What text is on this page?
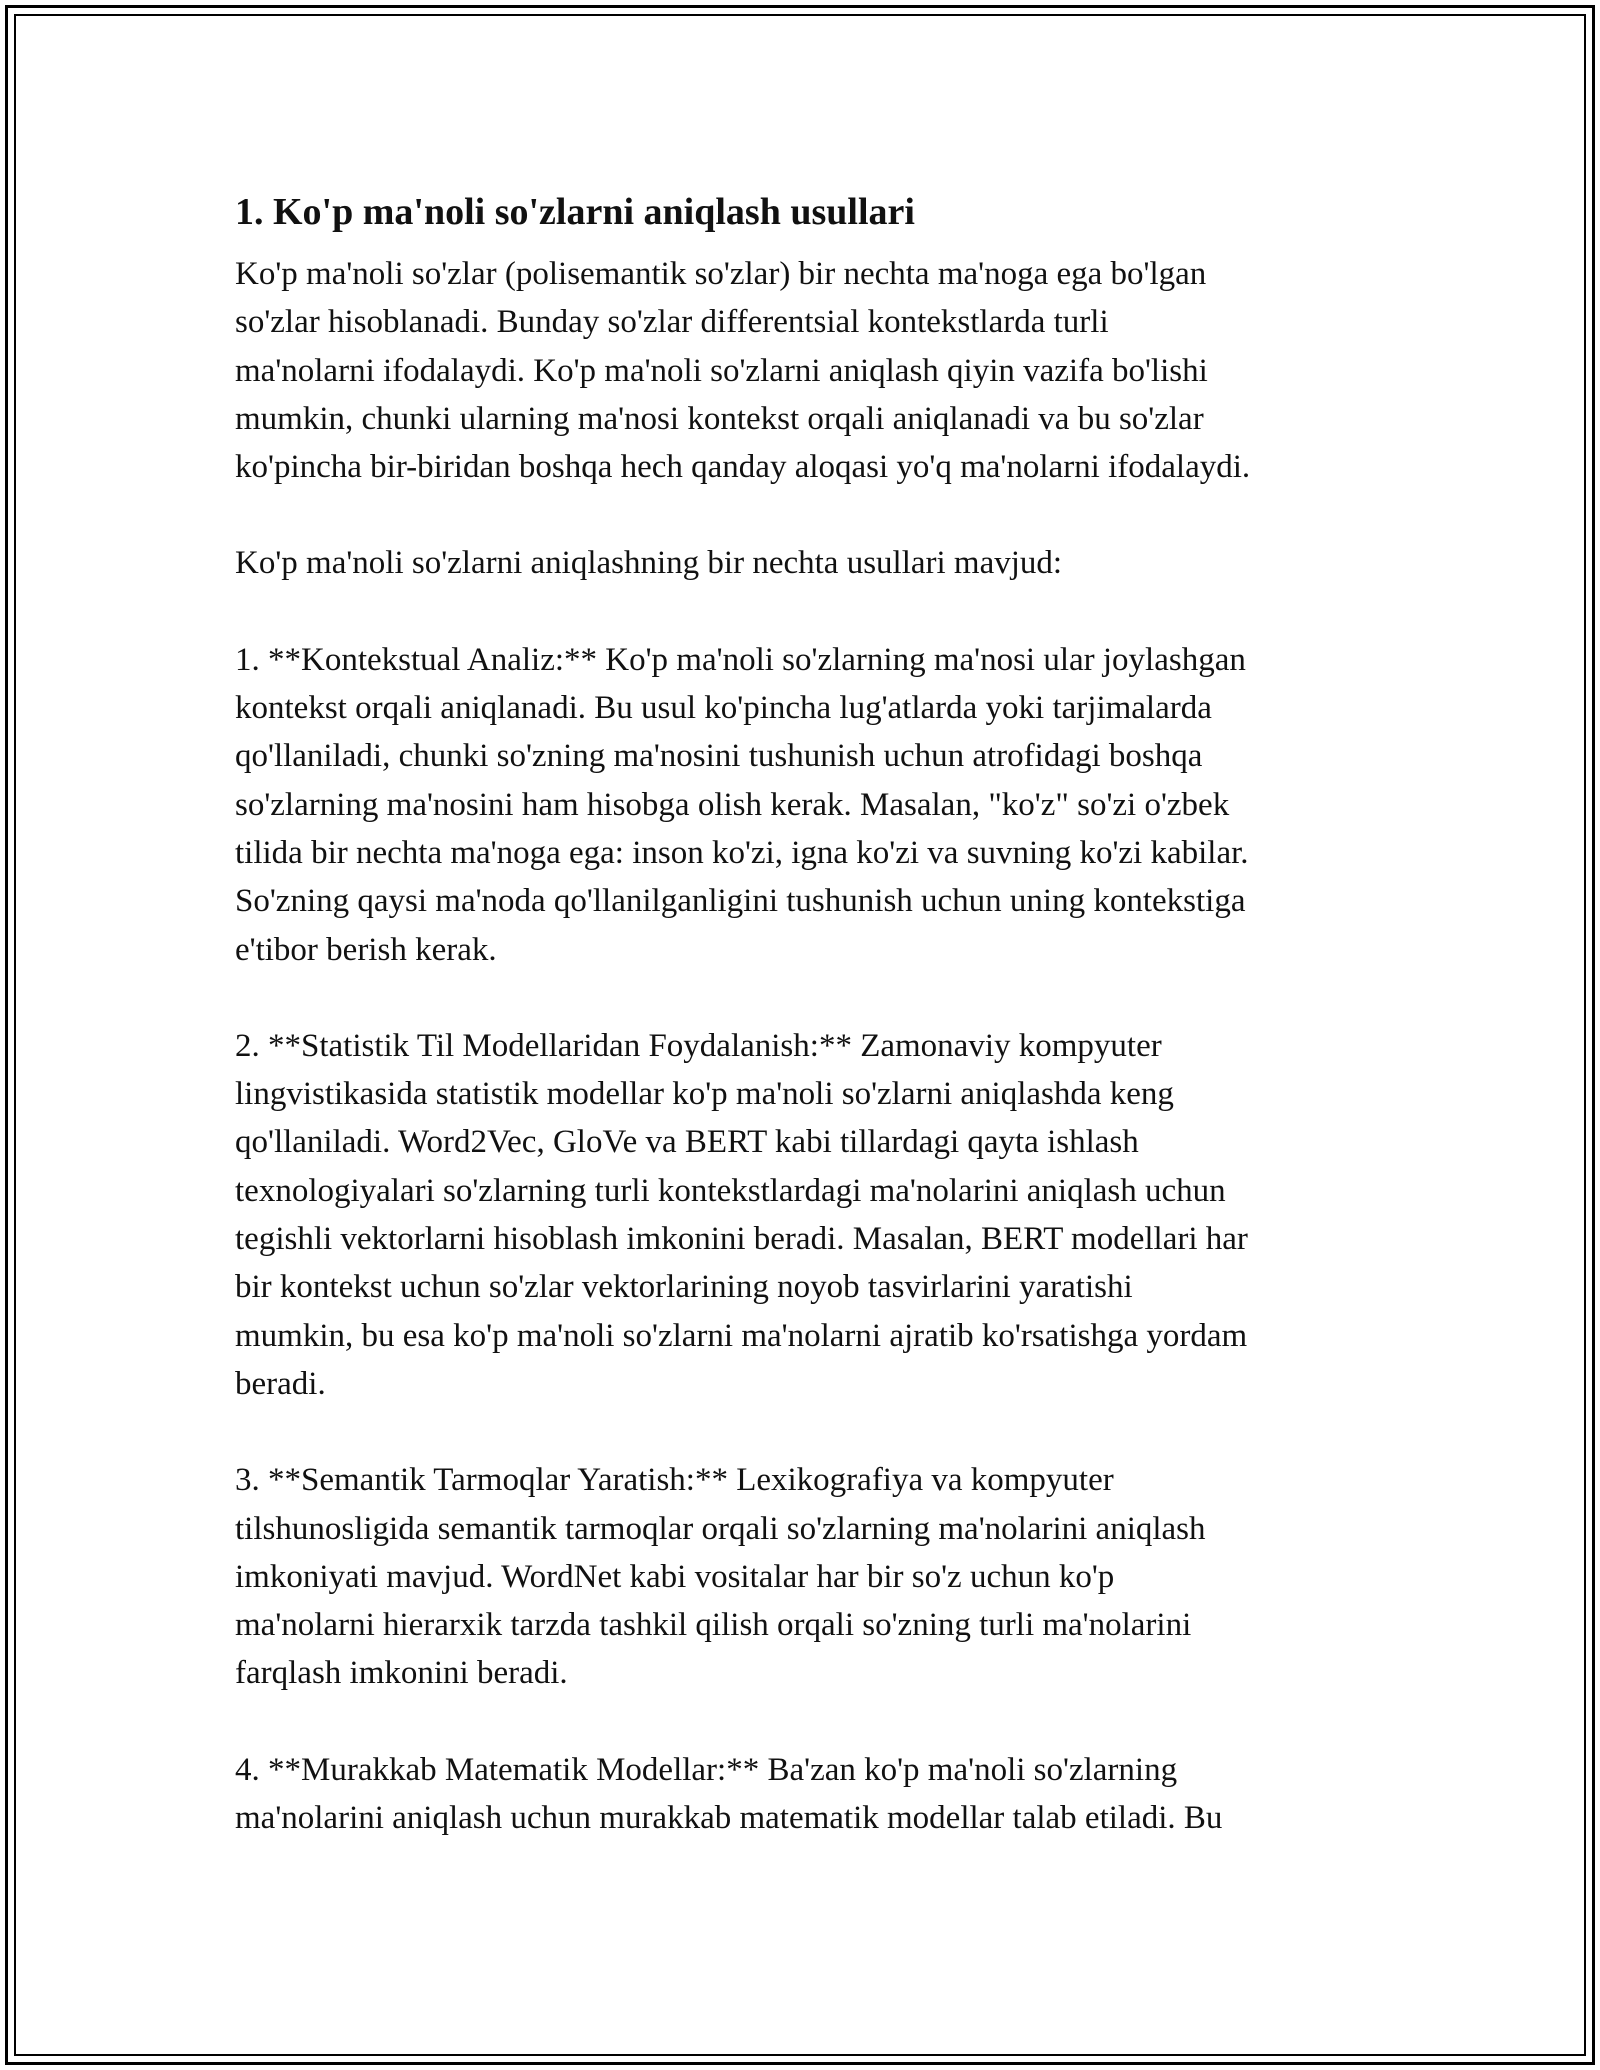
1. Ko'p ma'noli so'zlarni aniqlash usullari

Ko'p ma'noli so'zlar (polisemantik so'zlar) bir nechta ma'noga ega bo'lgan
so'zlar hisoblanadi. Bunday so'zlar differentsial kontekstlarda turli
ma'nolarni ifodalaydi. Ko'p ma'noli so'zlarni aniqlash qiyin vazifa bo'lishi
mumkin, chunki ularning ma'nosi kontekst orqali aniqlanadi va bu so'zlar
ko'pincha bir-biridan boshqa hech qanday aloqasi yo'q ma'nolarni ifodalaydi.

Ko'p ma'noli so'zlarni aniqlashning bir nechta usullari mavjud:

1. **Kontekstual Analiz:** Ko'p ma'noli so'zlarning ma'nosi ular joylashgan
kontekst orqali aniqlanadi. Bu usul ko'pincha lug'atlarda yoki tarjimalarda
qo'llaniladi, chunki so'zning ma'nosini tushunish uchun atrofidagi boshqa
so'zlarning ma'nosini ham hisobga olish kerak. Masalan, "ko'z" so'zi o'zbek
tilida bir nechta ma'noga ega: inson ko'zi, igna ko'zi va suvning ko'zi kabilar.
So'zning qaysi ma'noda qo'llanilganligini tushunish uchun uning kontekstiga
e'tibor berish kerak.

2. **Statistik Til Modellaridan Foydalanish:** Zamonaviy kompyuter
lingvistikasida statistik modellar ko'p ma'noli so'zlarni aniqlashda keng
qo'llaniladi. Word2Vec, GloVe va BERT kabi tillardagi qayta ishlash
texnologiyalari so'zlarning turli kontekstlardagi ma'nolarini aniqlash uchun
tegishli vektorlarni hisoblash imkonini beradi. Masalan, BERT modellari har
bir kontekst uchun so'zlar vektorlarining noyob tasvirlarini yaratishi
mumkin, bu esa ko'p ma'noli so'zlarni ma'nolarni ajratib ko'rsatishga yordam
beradi.

3. **Semantik Tarmoqlar Yaratish:** Lexikografiya va kompyuter
tilshunosligida semantik tarmoqlar orqali so'zlarning ma'nolarini aniqlash
imkoniyati mavjud. WordNet kabi vositalar har bir so'z uchun ko'p
ma'nolarni hierarxik tarzda tashkil qilish orqali so'zning turli ma'nolarini
farqlash imkonini beradi.

4. **Murakkab Matematik Modellar:** Ba'zan ko'p ma'noli so'zlarning
ma'nolarini aniqlash uchun murakkab matematik modellar talab etiladi. Bu
